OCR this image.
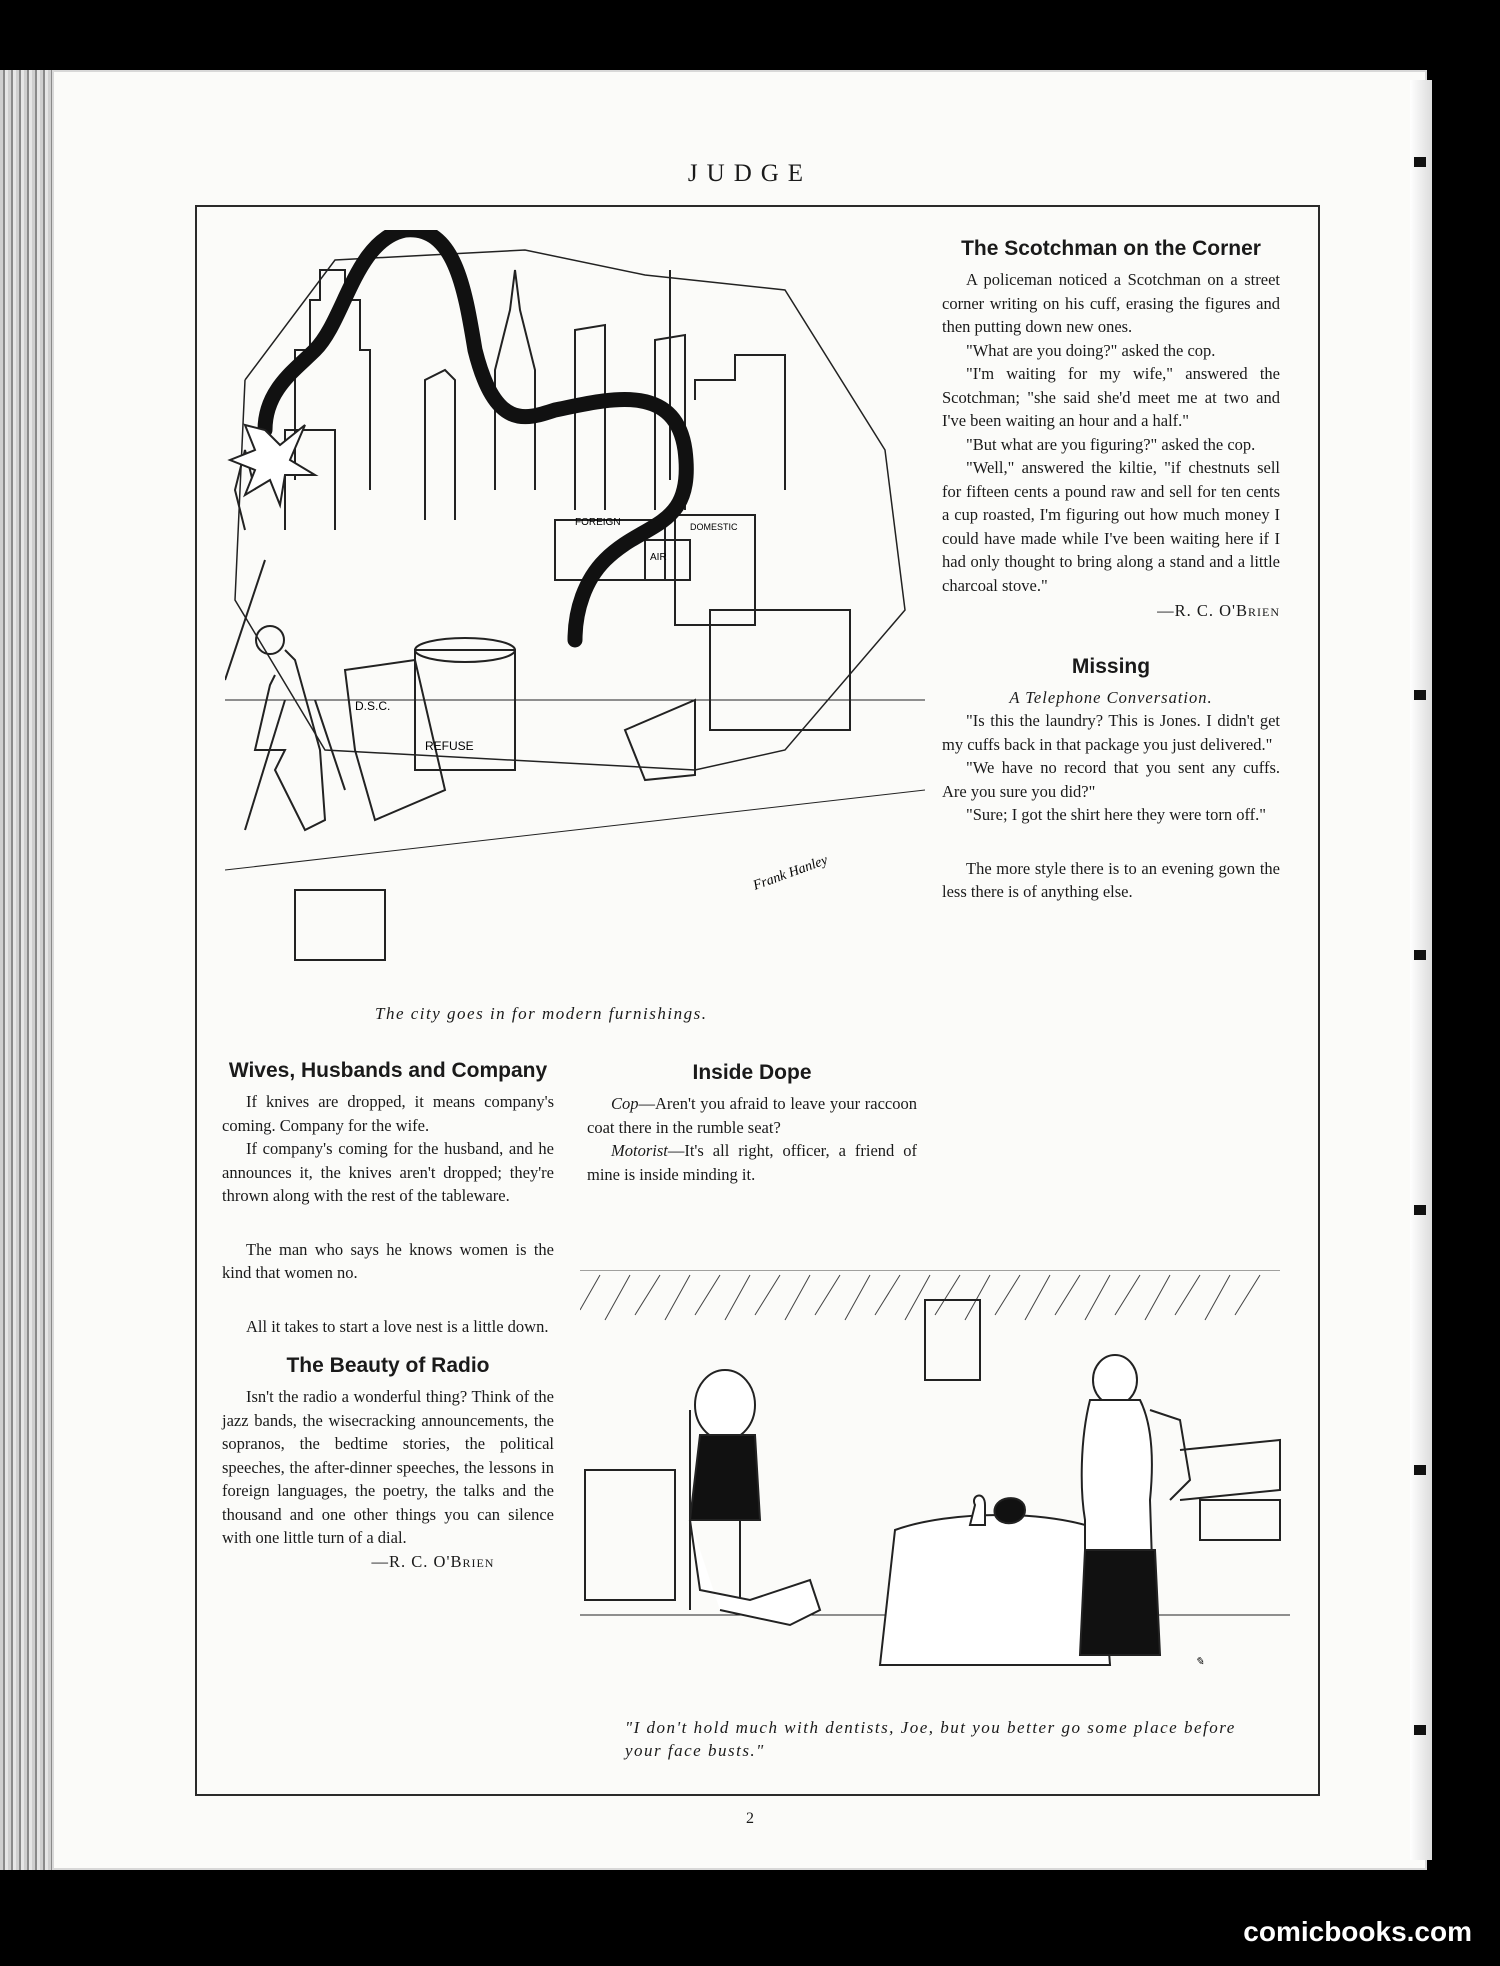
JUDGE
FOREIGN
AIR
DOMESTIC
D.S.C.
REFUSE
Frank Hanley
The city goes in for modern furnishings.
The Scotchman on the Corner

A policeman noticed a Scotchman on a street corner writing on his cuff, erasing the figures and then putting down new ones.

"What are you doing?" asked the cop.

"I'm waiting for my wife," answered the Scotchman; "she said she'd meet me at two and I've been waiting an hour and a half."

"But what are you figuring?" asked the cop.

"Well," answered the kiltie, "if chestnuts sell for fifteen cents a pound raw and sell for ten cents a cup roasted, I'm figuring out how much money I could have made while I've been waiting here if I had only thought to bring along a stand and a little charcoal stove."

—R. C. O'Brien
Missing
A Telephone Conversation.

"Is this the laundry? This is Jones. I didn't get my cuffs back in that package you just delivered."

"We have no record that you sent any cuffs. Are you sure you did?"

"Sure; I got the shirt here they were torn off."

The more style there is to an evening gown the less there is of anything else.

Wives, Husbands and Company

If knives are dropped, it means company's coming. Company for the wife.

If company's coming for the husband, and he announces it, the knives aren't dropped; they're thrown along with the rest of the tableware.

The man who says he knows women is the kind that women no.

All it takes to start a love nest is a little down.

The Beauty of Radio

Isn't the radio a wonderful thing? Think of the jazz bands, the wisecracking announcements, the sopranos, the bedtime stories, the political speeches, the after-dinner speeches, the lessons in foreign languages, the poetry, the talks and the thousand and one other things you can silence with one little turn of a dial.

—R. C. O'Brien
Inside Dope

Cop—Aren't you afraid to leave your raccoon coat there in the rumble seat?

Motorist—It's all right, officer, a friend of mine is inside minding it.

✎
"I don't hold much with dentists, Joe, but you better go some place before your face busts."
2
comicbooks.com
